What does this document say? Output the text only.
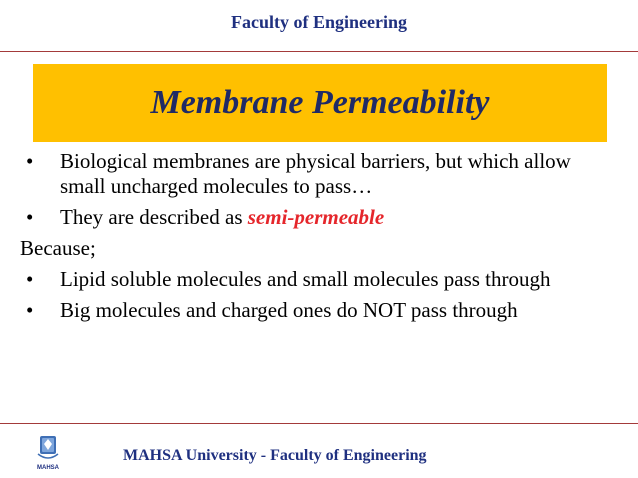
Faculty of Engineering
Membrane Permeability
• Biological membranes are physical barriers, but which allow small uncharged molecules to pass…
• They are described as semi-permeable
Because;
• Lipid soluble molecules and small molecules pass through
• Big molecules and charged ones do NOT pass through
MAHSA
MAHSA University - Faculty of Engineering
